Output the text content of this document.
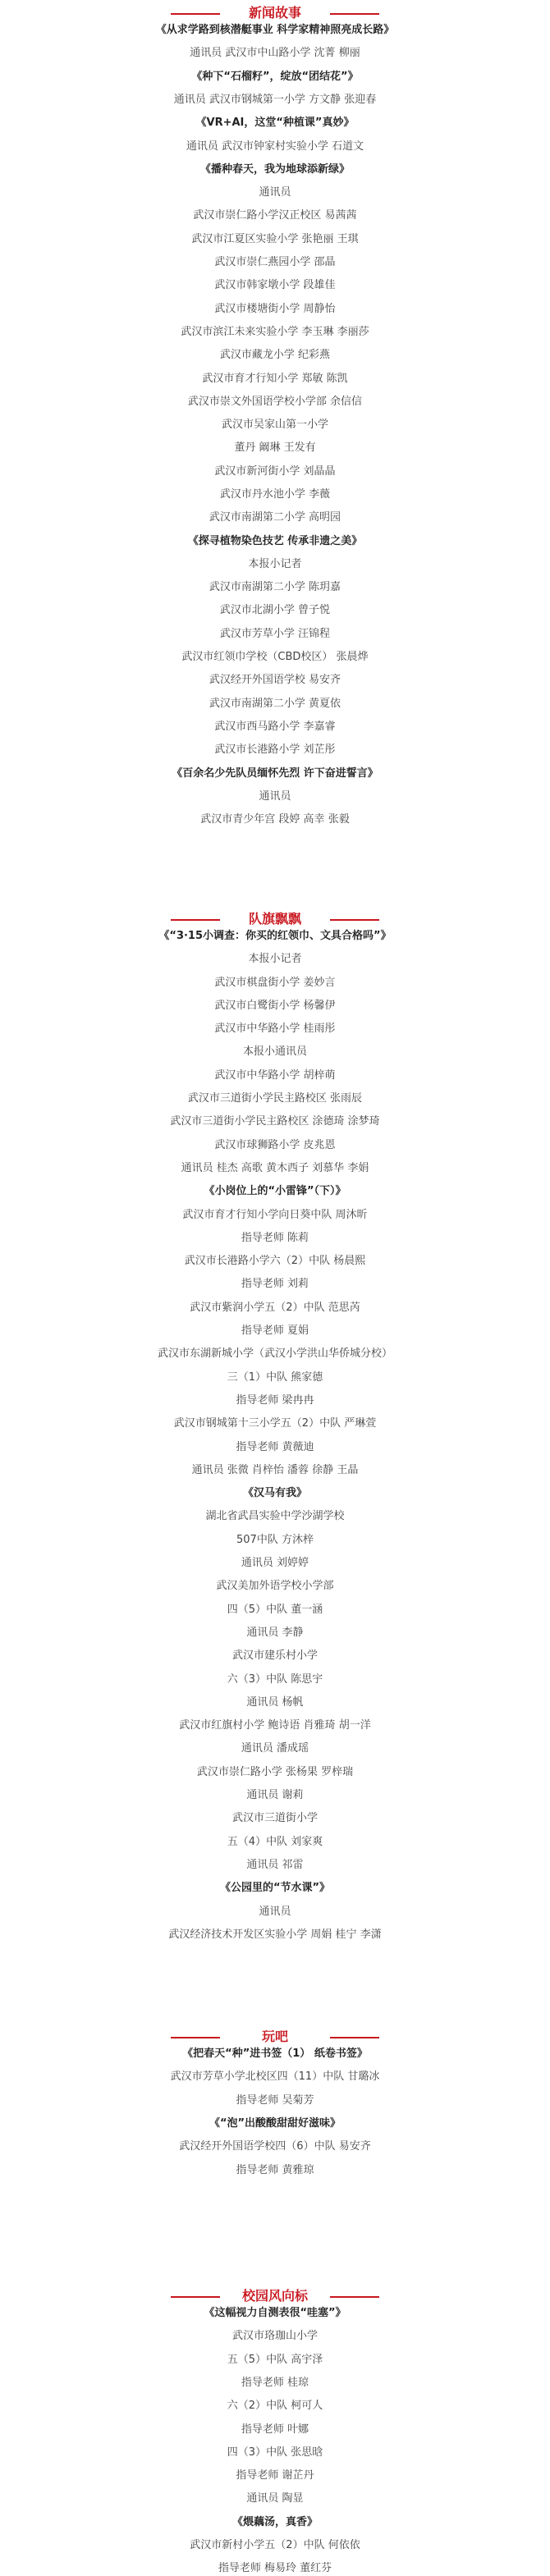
新闻故事
《从求学路到核潜艇事业 科学家精神照亮成长路》
通讯员 武汉市中山路小学 沈菁 柳丽
《种下“石榴籽”，绽放“团结花”》
通讯员 武汉市钢城第一小学 方文静 张迎春
《VR+AI，这堂“种植课”真妙》
通讯员 武汉市钟家村实验小学 石道文
《播种春天，我为地球添新绿》
通讯员
武汉市崇仁路小学汉正校区 易茜茜
武汉市江夏区实验小学 张艳丽 王琪
武汉市崇仁燕园小学 邵晶
武汉市韩家墩小学 段雄佳
武汉市楼塘街小学 周静怡
武汉市滨江未来实验小学 李玉琳 李丽莎
武汉市藏龙小学 纪彩燕
武汉市育才行知小学 郑敏 陈凯
武汉市崇文外国语学校小学部 余信信
武汉市吴家山第一小学
董丹 阚琳 王发有
武汉市新河街小学 刘晶晶
武汉市丹水池小学 李薇
武汉市南湖第二小学 高明园
《探寻植物染色技艺 传承非遗之美》
本报小记者
武汉市南湖第二小学 陈玥嘉
武汉市北湖小学 曾子悦
武汉市芳草小学 汪锦程
武汉市红领巾学校（CBD校区） 张晨烨
武汉经开外国语学校 易安齐
武汉市南湖第二小学 黄夏依
武汉市西马路小学 李嘉睿
武汉市长港路小学 刘芷彤
《百余名少先队员缅怀先烈 许下奋进誓言》
通讯员
武汉市青少年宫 段婷 高幸 张毅
队旗飘飘
《“3·15小调查：你买的红领巾、文具合格吗”》
本报小记者
武汉市棋盘街小学 姜妙言
武汉市白鹭街小学 杨馨伊
武汉市中华路小学 桂雨彤
本报小通讯员
武汉市中华路小学 胡梓萌
武汉市三道街小学民主路校区 张雨辰
武汉市三道街小学民主路校区 涂德琦 涂梦琦
武汉市球狮路小学 皮兆恩
通讯员 桂杰 高歌 黄木西子 刘慕华 李娟
《小岗位上的“小雷锋”（下）》
武汉市育才行知小学向日葵中队 周沐昕
指导老师 陈莉
武汉市长港路小学六（2）中队 杨晨熙
指导老师 刘莉
武汉市紫润小学五（2）中队 范思芮
指导老师 夏娟
武汉市东湖新城小学（武汉小学洪山华侨城分校）
三（1）中队 熊家德
指导老师 梁冉冉
武汉市钢城第十三小学五（2）中队 严琳萱
指导老师 黄薇迪
通讯员 张微 肖梓怡 潘蓉 徐静 王晶
《汉马有我》
湖北省武昌实验中学沙湖学校
507中队 方沐梓
通讯员 刘婷婷
武汉美加外语学校小学部
四（5）中队 董一涵
通讯员 李静
武汉市建乐村小学
六（3）中队 陈思宇
通讯员 杨帆
武汉市红旗村小学 鲍诗语 肖雅琦 胡一洋
通讯员 潘成瑶
武汉市崇仁路小学 张杨果 罗梓瑞
通讯员 谢莉
武汉市三道街小学
五（4）中队 刘家爽
通讯员 祁雷
《公园里的“节水课”》
通讯员
武汉经济技术开发区实验小学 周娟 桂宁 李潇
玩吧
《把春天“种”进书签（1） 纸卷书签》
武汉市芳草小学北校区四（11）中队 甘璐冰
指导老师 吴菊芳
《“泡”出酸酸甜甜好滋味》
武汉经开外国语学校四（6）中队 易安齐
指导老师 黄雅琼
校园风向标
《这幅视力自测表很“哇塞”》
武汉市珞珈山小学
五（5）中队 高宇泽
指导老师 桂琼
六（2）中队 柯可人
指导老师 叶娜
四（3）中队 张思晗
指导老师 谢芷丹
通讯员 陶显
《煨藕汤，真香》
武汉市新村小学五（2）中队 何依依
指导老师 梅易玲 董红芬
